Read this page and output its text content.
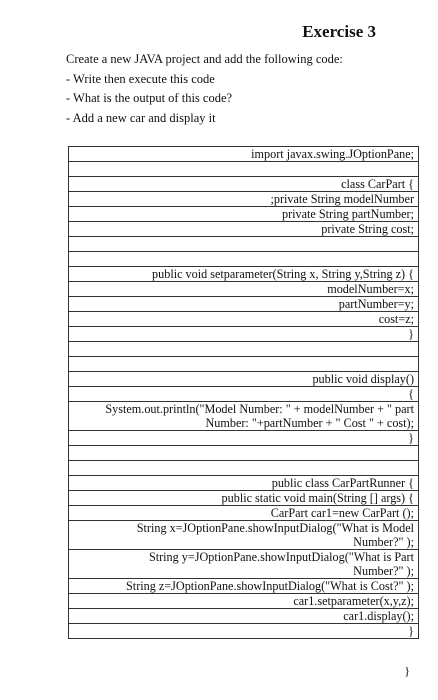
Exercise 3
Create a new JAVA project and add the following code:
- Write then execute this code
- What is the output of this code?
- Add a new car and display it
import javax.swing.JOptionPane;

class CarPart {

;private String modelNumber

private String partNumber;

private String cost;

public void setparameter(String x, String y,String z) {

modelNumber=x;

partNumber=y;

cost=z;

}

public void display()

{

System.out.println("Model Number: " + modelNumber + " part
Number: "+partNumber + " Cost " + cost);

}

public class CarPartRunner {

public static void main(String [] args) {

CarPart car1=new CarPart ();

String x=JOptionPane.showInputDialog("What is Model
Number?" );

String y=JOptionPane.showInputDialog("What is Part
Number?" );

String z=JOptionPane.showInputDialog("What is Cost?" );

car1.setparameter(x,y,z);

car1.display();

}
}
